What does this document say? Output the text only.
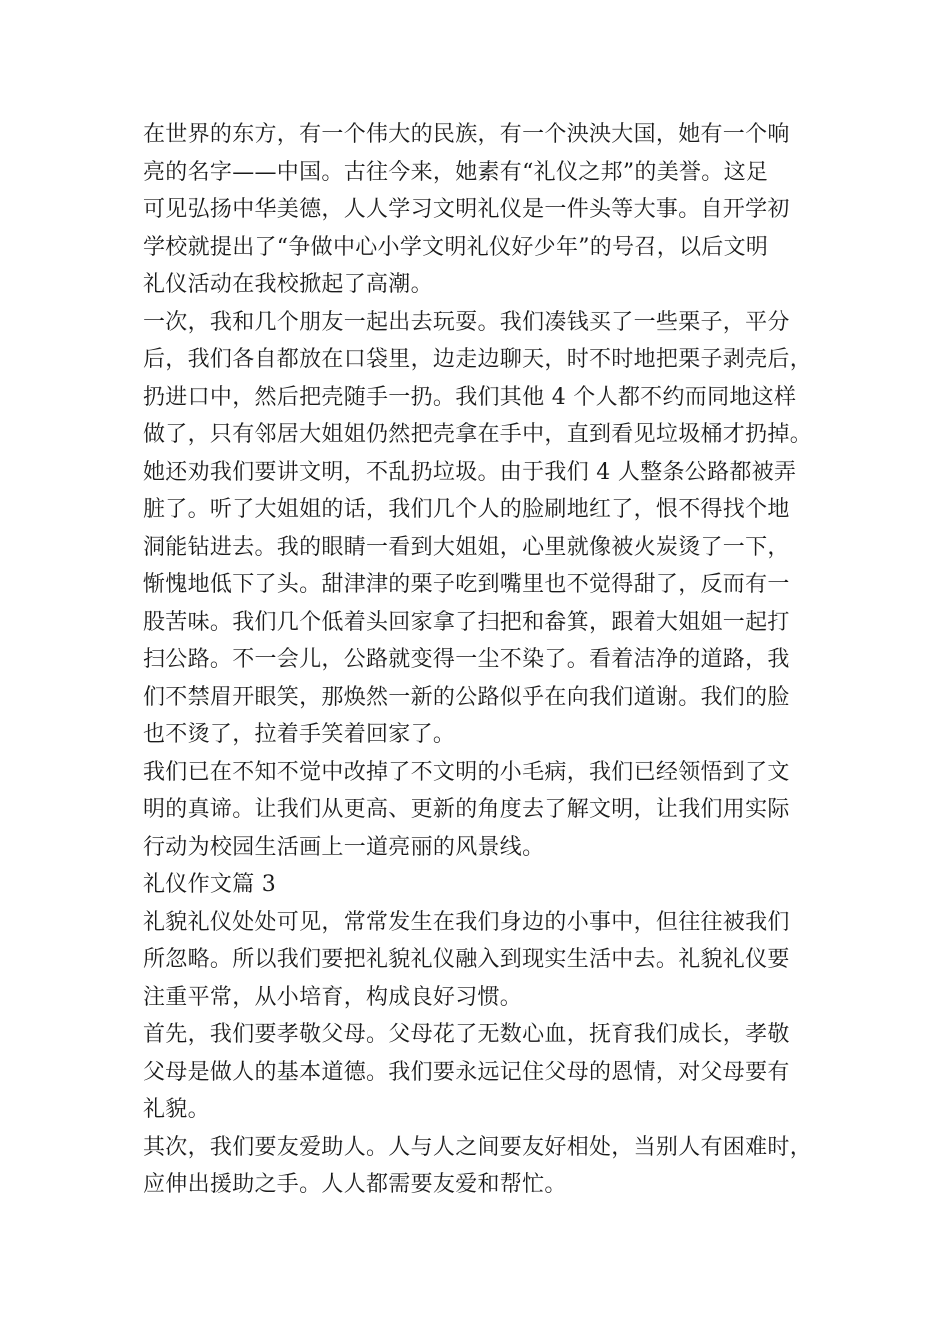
在世界的东方，有一个伟大的民族，有一个泱泱大国，她有一个响
亮的名字——中国。古往今来，她素有“礼仪之邦”的美誉。这足
可见弘扬中华美德，人人学习文明礼仪是一件头等大事。自开学初
学校就提出了“争做中心小学文明礼仪好少年”的号召，以后文明
礼仪活动在我校掀起了高潮。
一次，我和几个朋友一起出去玩耍。我们凑钱买了一些栗子，平分
后，我们各自都放在口袋里，边走边聊天，时不时地把栗子剥壳后，
扔进口中，然后把壳随手一扔。我们其他 4 个人都不约而同地这样
做了，只有邻居大姐姐仍然把壳拿在手中，直到看见垃圾桶才扔掉。
她还劝我们要讲文明，不乱扔垃圾。由于我们 4 人整条公路都被弄
脏了。听了大姐姐的话，我们几个人的脸刷地红了，恨不得找个地
洞能钻进去。我的眼睛一看到大姐姐，心里就像被火炭烫了一下，
惭愧地低下了头。甜津津的栗子吃到嘴里也不觉得甜了，反而有一
股苦味。我们几个低着头回家拿了扫把和畚箕，跟着大姐姐一起打
扫公路。不一会儿，公路就变得一尘不染了。看着洁净的道路，我
们不禁眉开眼笑，那焕然一新的公路似乎在向我们道谢。我们的脸
也不烫了，拉着手笑着回家了。
我们已在不知不觉中改掉了不文明的小毛病，我们已经领悟到了文
明的真谛。让我们从更高、更新的角度去了解文明，让我们用实际
行动为校园生活画上一道亮丽的风景线。
礼仪作文篇 3
礼貌礼仪处处可见，常常发生在我们身边的小事中，但往往被我们
所忽略。所以我们要把礼貌礼仪融入到现实生活中去。礼貌礼仪要
注重平常，从小培育，构成良好习惯。
首先，我们要孝敬父母。父母花了无数心血，抚育我们成长，孝敬
父母是做人的基本道德。我们要永远记住父母的恩情，对父母要有
礼貌。
其次，我们要友爱助人。人与人之间要友好相处，当别人有困难时，
应伸出援助之手。人人都需要友爱和帮忙。
